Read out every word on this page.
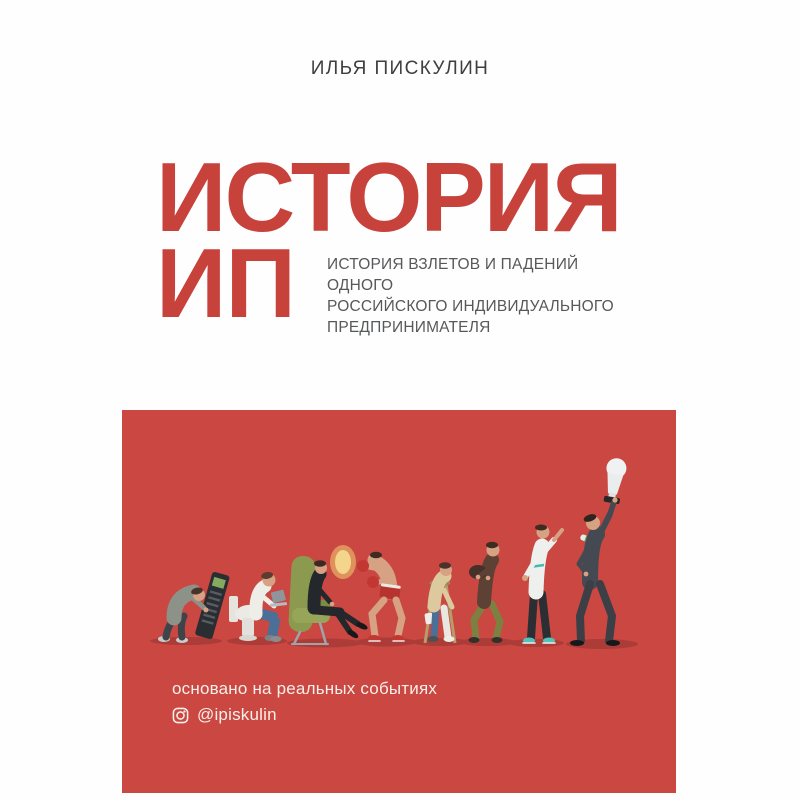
ИЛЬЯ ПИСКУЛИН
ИСТОРИЯ
ИП ИСТОРИЯ ВЗЛЕТОВ И ПАДЕНИЙ ОДНОГО
РОССИЙСКОГО ИНДИВИДУАЛЬНОГО
ПРЕДПРИНИМАТЕЛЯ
основано на реальных событиях
@ipiskulin
